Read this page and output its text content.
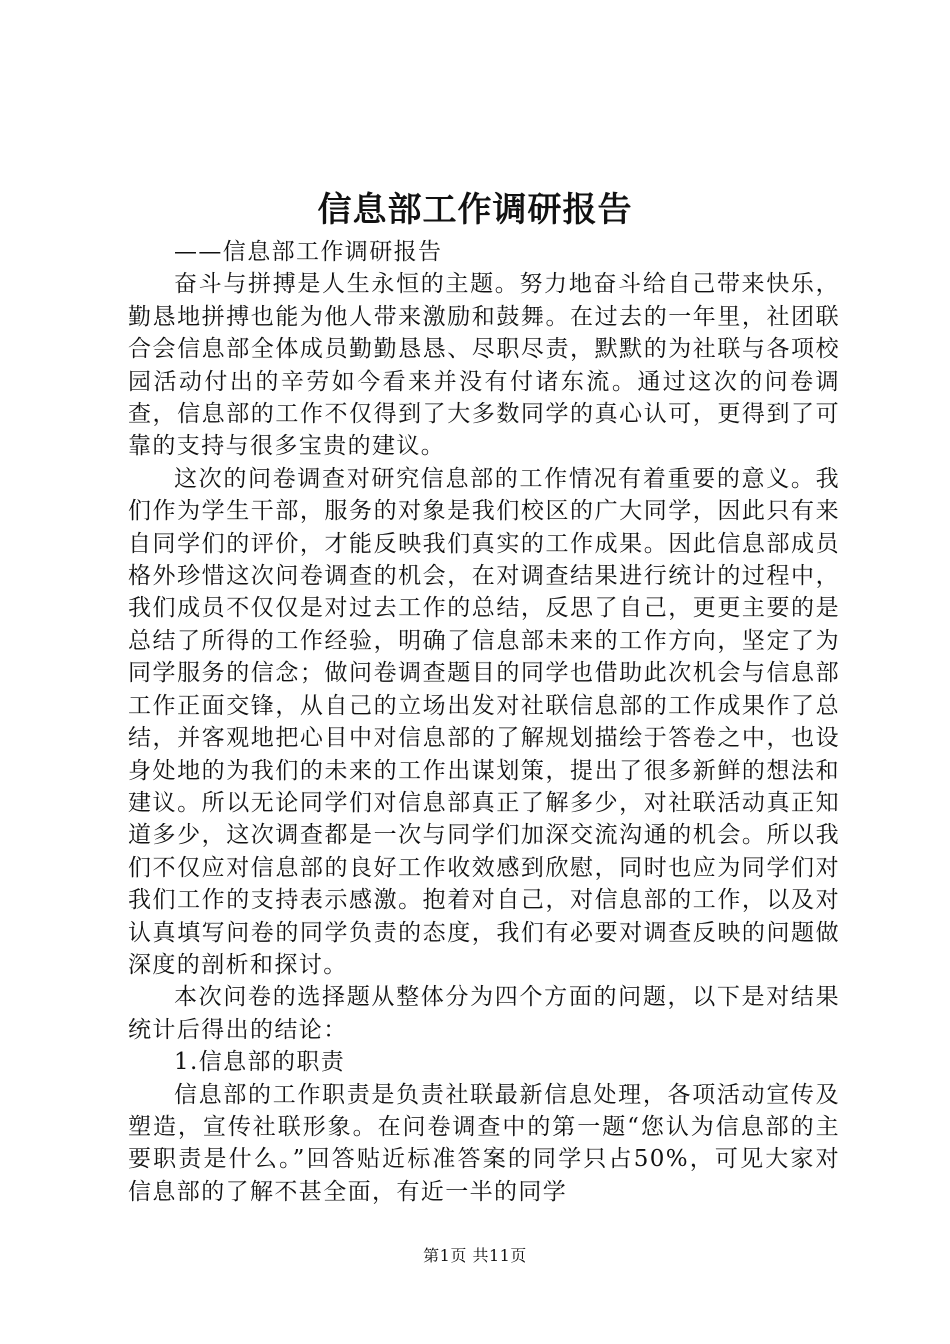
信息部工作调研报告

——信息部工作调研报告

奋斗与拼搏是人生永恒的主题。努力地奋斗给自己带来快乐，勤恳地拼搏也能为他人带来激励和鼓舞。在过去的一年里，社团联合会信息部全体成员勤勤恳恳、尽职尽责，默默的为社联与各项校园活动付出的辛劳如今看来并没有付诸东流。通过这次的问卷调查，信息部的工作不仅得到了大多数同学的真心认可，更得到了可靠的支持与很多宝贵的建议。

这次的问卷调查对研究信息部的工作情况有着重要的意义。我们作为学生干部，服务的对象是我们校区的广大同学，因此只有来自同学们的评价，才能反映我们真实的工作成果。因此信息部成员格外珍惜这次问卷调查的机会，在对调查结果进行统计的过程中，我们成员不仅仅是对过去工作的总结，反思了自己，更更主要的是总结了所得的工作经验，明确了信息部未来的工作方向，坚定了为同学服务的信念；做问卷调查题目的同学也借助此次机会与信息部工作正面交锋，从自己的立场出发对社联信息部的工作成果作了总结，并客观地把心目中对信息部的了解规划描绘于答卷之中，也设身处地的为我们的未来的工作出谋划策，提出了很多新鲜的想法和建议。所以无论同学们对信息部真正了解多少，对社联活动真正知道多少，这次调查都是一次与同学们加深交流沟通的机会。所以我们不仅应对信息部的良好工作收效感到欣慰，同时也应为同学们对我们工作的支持表示感激。抱着对自己，对信息部的工作，以及对认真填写问卷的同学负责的态度，我们有必要对调查反映的问题做深度的剖析和探讨。

本次问卷的选择题从整体分为四个方面的问题，以下是对结果统计后得出的结论：

1.信息部的职责

信息部的工作职责是负责社联最新信息处理，各项活动宣传及塑造，宣传社联形象。在问卷调查中的第一题“您认为信息部的主要职责是什么。”回答贴近标准答案的同学只占50%，可见大家对信息部的了解不甚全面，有近一半的同学

第1页 共11页
